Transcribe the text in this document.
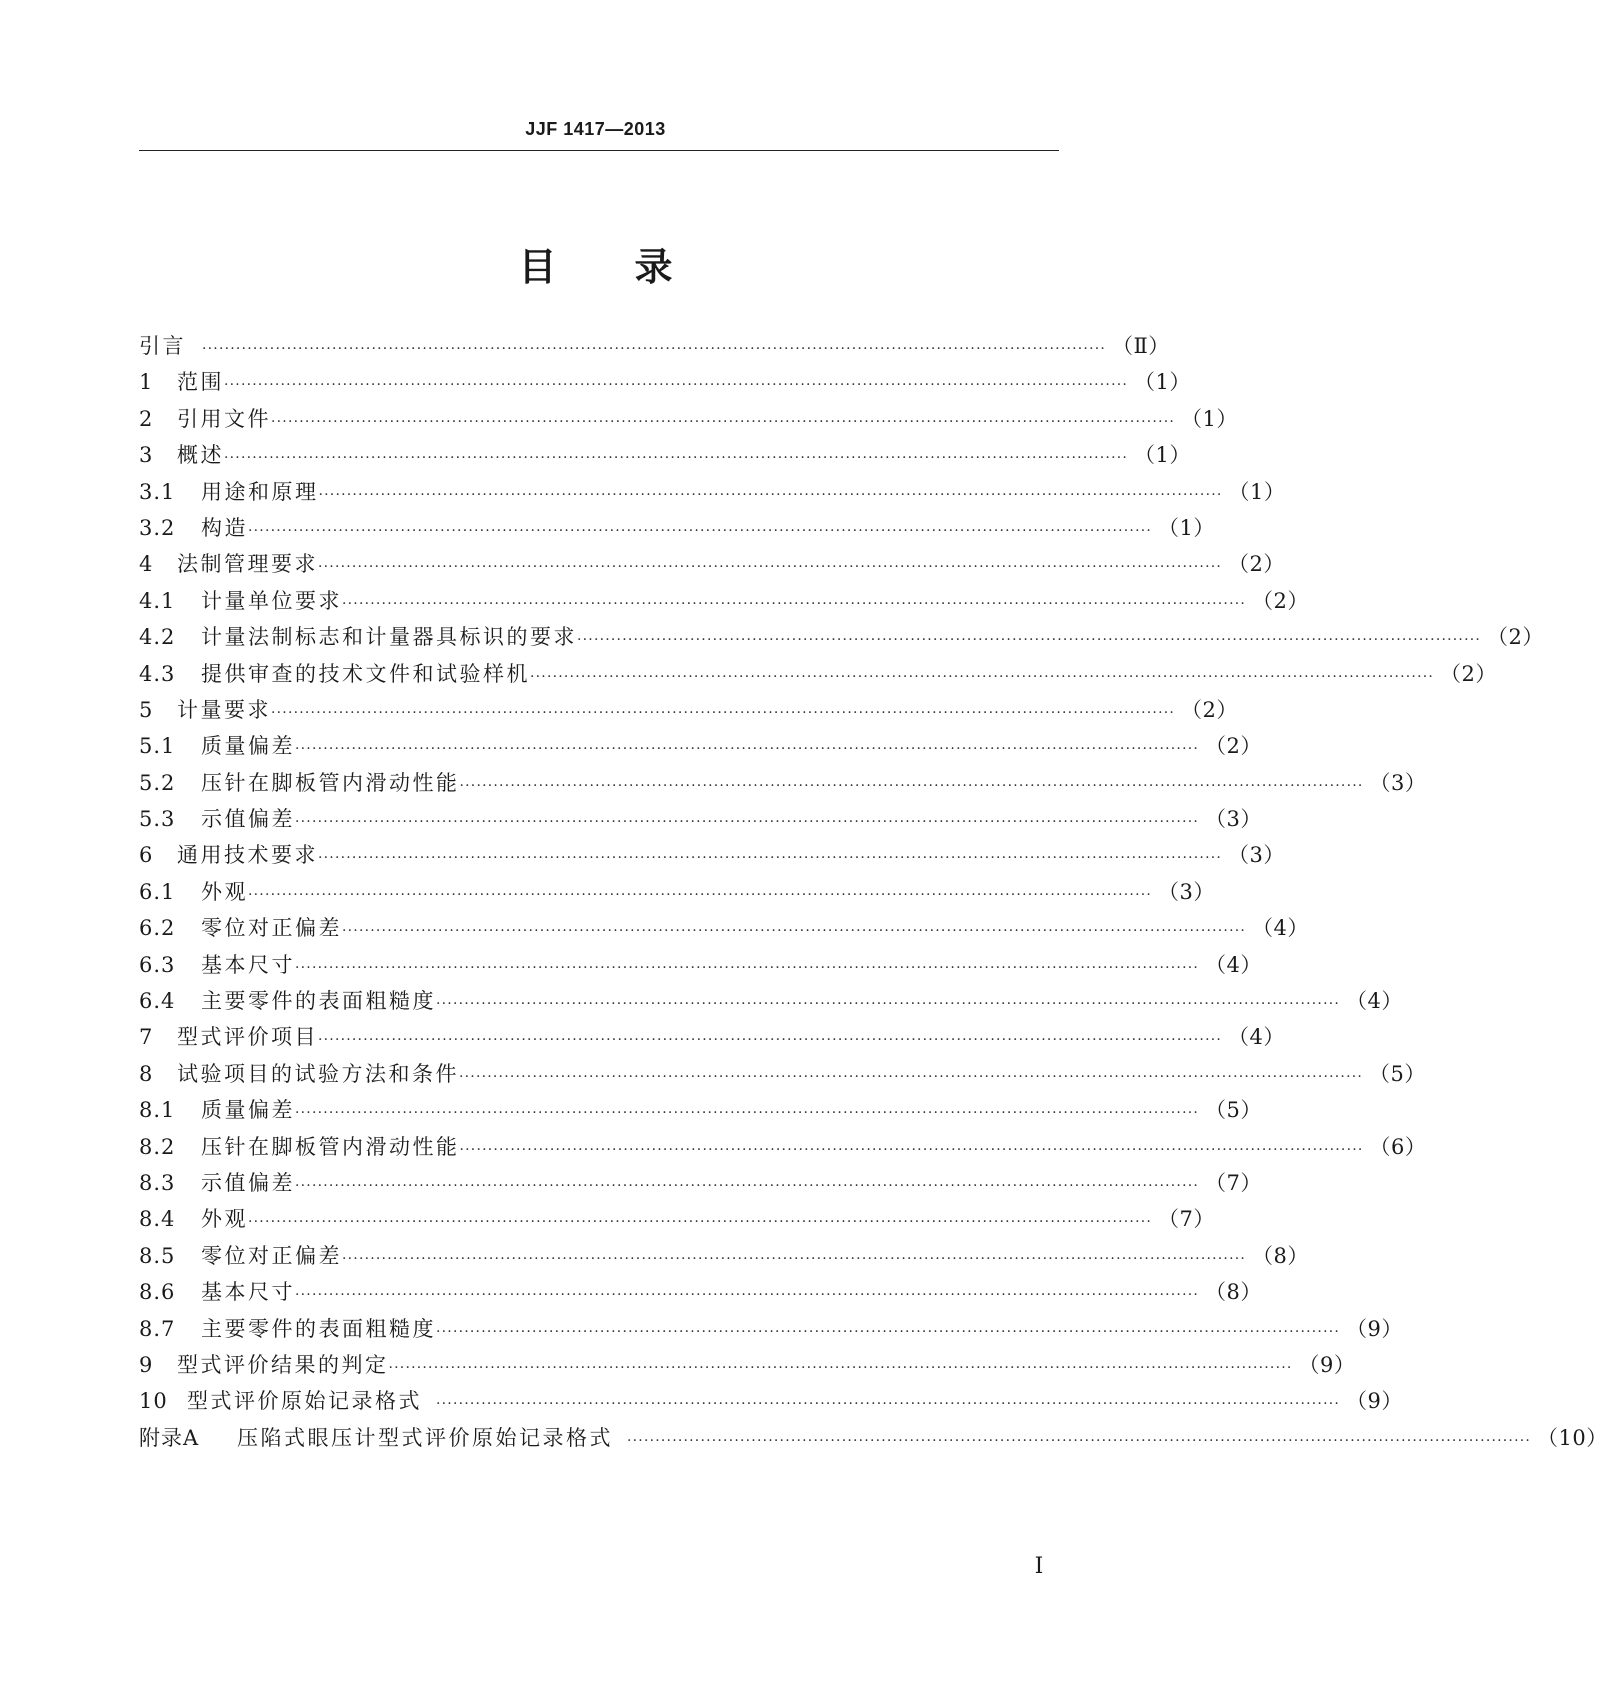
JJF 1417—2013
目 录
引言	································································································································································ （Ⅱ）
1	范围 ································································································································································ （1）
2	引用文件 ································································································································································ （1）
3	概述 ································································································································································ （1）
3.1	用途和原理 ································································································································································ （1）
3.2	构造 ································································································································································ （1）
4	法制管理要求 ································································································································································ （2）
4.1	计量单位要求 ································································································································································ （2）
4.2	计量法制标志和计量器具标识的要求 ································································································································································ （2）
4.3	提供审查的技术文件和试验样机 ································································································································································ （2）
5	计量要求 ································································································································································ （2）
5.1	质量偏差 ································································································································································ （2）
5.2	压针在脚板管内滑动性能 ································································································································································ （3）
5.3	示值偏差 ································································································································································ （3）
6	通用技术要求 ································································································································································ （3）
6.1	外观 ································································································································································ （3）
6.2	零位对正偏差 ································································································································································ （4）
6.3	基本尺寸 ································································································································································ （4）
6.4	主要零件的表面粗糙度 ································································································································································ （4）
7	型式评价项目 ································································································································································ （4）
8	试验项目的试验方法和条件 ································································································································································ （5）
8.1	质量偏差 ································································································································································ （5）
8.2	压针在脚板管内滑动性能 ································································································································································ （6）
8.3	示值偏差 ································································································································································ （7）
8.4	外观 ································································································································································ （7）
8.5	零位对正偏差 ································································································································································ （8）
8.6	基本尺寸 ································································································································································ （8）
8.7	主要零件的表面粗糙度 ································································································································································ （9）
9	型式评价结果的判定 ································································································································································ （9）
10 型式评价原始记录格式	································································································································································ （9）
附录A	压陷式眼压计型式评价原始记录格式	································································································································································ （10）
Ⅰ
